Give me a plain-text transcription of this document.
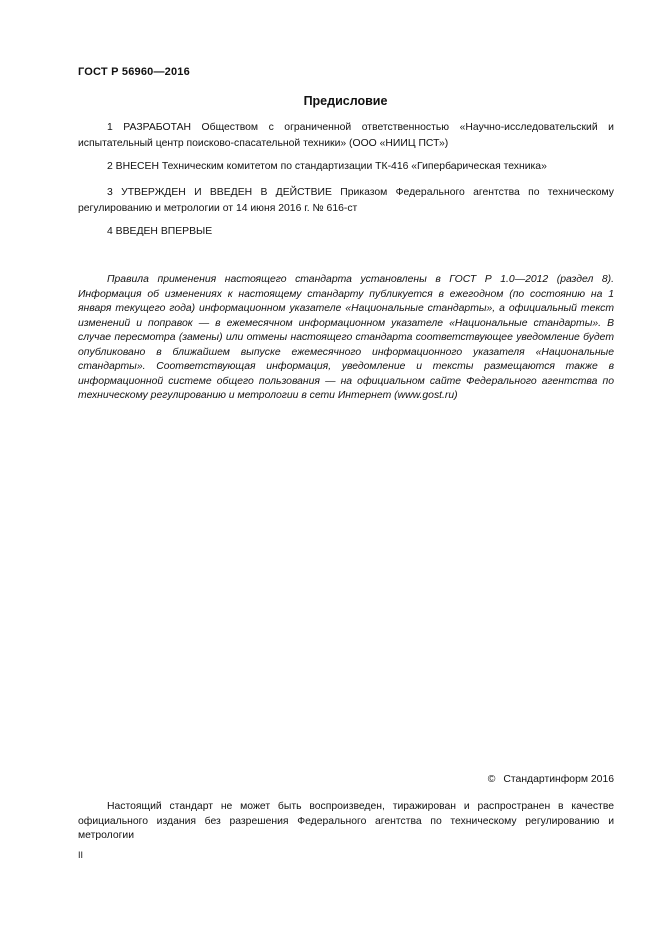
ГОСТ Р 56960—2016
Предисловие
1 РАЗРАБОТАН Обществом с ограниченной ответственностью «Научно-исследовательский и испытательный центр поисково-спасательной техники» (ООО «НИИЦ ПСТ»)
2 ВНЕСЕН Техническим комитетом по стандартизации ТК-416 «Гипербарическая техника»
3 УТВЕРЖДЕН И ВВЕДЕН В ДЕЙСТВИЕ Приказом Федерального агентства по техническому регулированию и метрологии от 14 июня 2016 г. № 616-ст
4 ВВЕДЕН ВПЕРВЫЕ
Правила применения настоящего стандарта установлены в ГОСТ Р 1.0—2012 (раздел 8). Информация об изменениях к настоящему стандарту публикуется в ежегодном (по состоянию на 1 января текущего года) информационном указателе «Национальные стандарты», а официальный текст изменений и поправок — в ежемесячном информационном указателе «Национальные стандарты». В случае пересмотра (замены) или отмены настоящего стандарта соответствующее уведомление будет опубликовано в ближайшем выпуске ежемесячного информационного указателя «Национальные стандарты». Соответствующая информация, уведомление и тексты размещаются также в информационной системе общего пользования — на официальном сайте Федерального агентства по техническому регулированию и метрологии в сети Интернет (www.gost.ru)
© Стандартинформ 2016
Настоящий стандарт не может быть воспроизведен, тиражирован и распространен в качестве официального издания без разрешения Федерального агентства по техническому регулированию и метрологии
II
